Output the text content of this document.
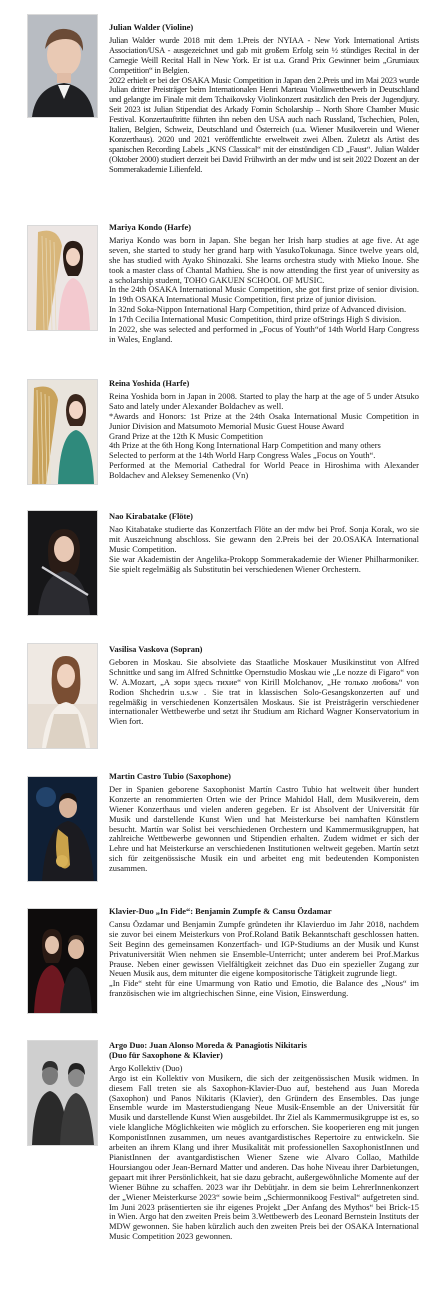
Julian Walder (Violine)

Julian Walder wurde 2018 mit dem 1.Preis der NYIAA - New York International Artists Association/USA - ausgezeichnet und gab mit großem Erfolg sein ½ stündiges Recital in der Carnegie Weill Recital Hall in New York. Er ist u.a. Grand Prix Gewinner beim „Grumiaux Competition“ in Belgien.

2022 erhielt er bei der OSAKA Music Competition in Japan den 2.Preis und im Mai 2023 wurde Julian dritter Preisträger beim Internationalen Henri Marteau Violinwettbewerb in Deutschland und gelangte im Finale mit dem Tchaikovsky Violinkonzert zusätzlich den Preis der Jugendjury. Seit 2023 ist Julian Stipendiat des Arkady Fomin Scholarship – North Shore Chamber Music Festival. Konzertauftritte führten ihn neben den USA auch nach Russland, Tschechien, Polen, Italien, Belgien, Schweiz, Deutschland und Österreich (u.a. Wiener Musikverein und Wiener Konzerthaus). 2020 und 2021 veröffentlichte erweltweit zwei Alben. Zuletzt als Artist des spanischen Recording Labels „KNS Classical“ mit der einstündigen CD „Faust“. Julian Walder (Oktober 2000) studiert derzeit bei David Frühwirth an der mdw und ist seit 2022 Dozent an der Sommerakademie Lilienfeld.

Mariya Kondo (Harfe)

Mariya Kondo was born in Japan. She began her Irish harp studies at age five. At age seven, she started to study her grand harp with YasukoTokunaga. Since twelve years old, she has studied with Ayako Shinozaki. She learns orchestra study with Mieko Inoue. She took a master class of Chantal Mathieu. She is now attending the first year of university as a scholarship student, TOHO GAKUEN SCHOOL OF MUSIC.

In the 24th OSAKA International Music Competition, she got first prize of senior division. In 19th OSAKA International Music Competition, first prize of junior division.

In 32nd Soka-Nippon International Harp Competition, third prize of Advanced division.

In 17th Cecilia International Music Competition, third prize ofStrings High S division.

In 2022, she was selected and performed in „Focus of Youth“of 14th World Harp Congress in Wales, England.

Reina Yoshida (Harfe)

Reina Yoshida born in Japan in 2008. Started to play the harp at the age of 5 under Atsuko Sato and lately under Alexander Boldachev as well.

*Awards and Honors: 1st Prize at the 24th Osaka International Music Competition in Junior Division and Matsumoto Memorial Music Guest House Award

Grand Prize at the 12th K Music Competition

4th Prize at the 6th Hong Kong International Harp Competition and many others

Selected to perform at the 14th World Harp Congress Wales „Focus on Youth“.

Performed at the Memorial Cathedral for World Peace in Hiroshima with Alexander Boldachev and Aleksey Semenenko (Vn)

Nao Kirabatake (Flöte)

Nao Kitabatake studierte das Konzertfach Flöte an der mdw bei Prof. Sonja Korak, wo sie mit Auszeichnung abschloss. Sie gewann den 2.Preis bei der 20.OSAKA International Music Competition.

Sie war Akademistin der Angelika-Prokopp Sommerakademie der Wiener Philharmoniker. Sie spielt regelmäßig als Substitutin bei verschiedenen Wiener Orchestern.

Vasilisa Vaskova (Sopran)

Geboren in Moskau. Sie absolviete das Staatliche Moskauer Musikinstitut von Alfred Schnittke und sang im Alfred Schnittke Opernstudio Moskau wie „Le nozze di Figaro“ von W. A.Mozart, „А зори здесь тихие“ von Kirill Molchanov, „Не только любовь“ von Rodion Shchedrin u.s.w . Sie trat in klassischen Solo-Gesangskonzerten auf und regelmäßig in verschiedenen Konzertsälen Moskaus. Sie ist Preisträgerin verschiedener internationaler Wettbewerbe und setzt ihr Studium am Richard Wagner Konservatorium in Wien fort.

Martin Castro Tubio (Saxophone)

Der in Spanien geborene Saxophonist Martín Castro Tubio hat weltweit über hundert Konzerte an renommierten Orten wie der Prince Mahidol Hall, dem Musikverein, dem Wiener Konzerthaus und vielen anderen gegeben. Er ist Absolvent der Universität für Musik und darstellende Kunst Wien und hat Meisterkurse bei namhaften Künstlern besucht. Martín war Solist bei verschiedenen Orchestern und Kammermusikgruppen, hat zahlreiche Wettbewerbe gewonnen und Stipendien erhalten. Zudem widmet er sich der Lehre und hat Meisterkurse an verschiedenen Institutionen weltweit gegeben. Martín setzt sich für zeitgenössische Musik ein und arbeitet eng mit bedeutenden Komponisten zusammen.

Klavier-Duo „In Fide“: Benjamin Zumpfe & Cansu Özdamar

Cansu Özdamar und Benjamin Zumpfe gründeten ihr Klavierduo im Jahr 2018, nachdem sie zuvor bei einem Meisterkurs von Prof.Roland Batik Bekanntschaft geschlossen hatten. Seit Beginn des gemeinsamen Konzertfach- und IGP-Studiums an der Musik und Kunst Privatuniversität Wien nehmen sie Ensemble-Unterricht; unter anderem bei Prof.Markus Prause. Neben einer gewissen Vielfältigkeit zeichnet das Duo ein spezieller Zugang zur Neuen Musik aus, dem mitunter die eigene kompositorische Tätigkeit zugrunde liegt.

„In Fide“ steht für eine Umarmung von Ratio und Emotio, die Balance des „Nous“ im französischen wie im altgriechischen Sinne, eine Vision, Einswerdung.

Argo Duo: Juan Alonso Moreda & Panagiotis Nikitaris

(Duo für Saxophone & Klavier)

Argo Kollektiv (Duo)

Argo ist ein Kollektiv von Musikern, die sich der zeitgenössischen Musik widmen. In diesem Fall treten sie als Saxophon-Klavier-Duo auf, bestehend aus Juan Moreda (Saxophon) und Panos Nikitaris (Klavier), den Gründern des Ensembles. Das junge Ensemble wurde im Masterstudiengang Neue Musik-Ensemble an der Universität für Musik und darstellende Kunst Wien ausgebildet. Ihr Ziel als Kammermusikgruppe ist es, so viele klangliche Möglichkeiten wie möglich zu erforschen. Sie kooperieren eng mit jungen KomponistInnen zusammen, um neues avantgardistisches Repertoire zu entwickeln. Sie arbeiten an ihrem Klang und ihrer Musikalität mit professionellen SaxophonistInnen und PianistInnen der avantgardistischen Wiener Szene wie Alvaro Collao, Mathilde Hoursiangou oder Jean-Bernard Matter und anderen. Das hohe Niveau ihrer Darbietungen, gepaart mit ihrer Persönlichkeit, hat sie dazu gebracht, außergewöhnliche Momente auf der Wiener Bühne zu schaffen. 2023 war ihr Debütjahr. in dem sie beim LehrerInnenkonzert der „Wiener Meisterkurse 2023“ sowie beim „Schiermonnikoog Festival“ aufgetreten sind. Im Juni 2023 präsentierten sie ihr eigenes Projekt „Der Anfang des Mythos“ bei Brick-15 in Wien. Argo hat den zweiten Preis beim 3.Wettbewerb des Leonard Bernstein Instituts der MDW gewonnen. Sie haben kürzlich auch den zweiten Preis bei der OSAKA International Music Competition 2023 gewonnen.
